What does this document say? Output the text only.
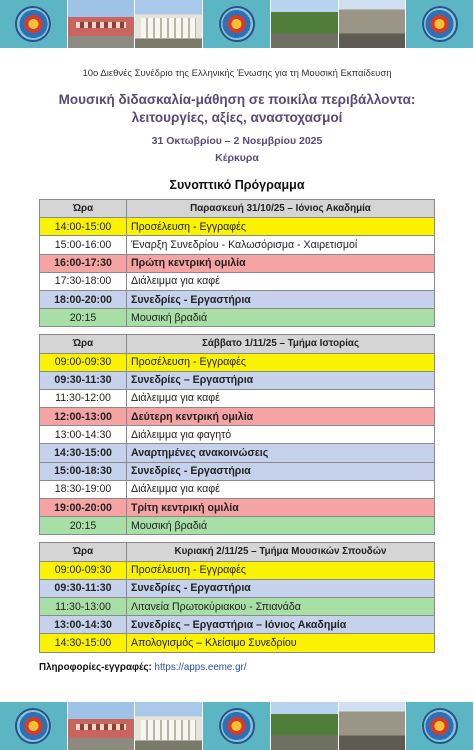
10ο Διεθνές Συνέδριο της Ελληνικής Ένωσης για τη Μουσική Εκπαίδευση
Μουσική διδασκαλία-μάθηση σε ποικίλα περιβάλλοντα:
λειτουργίες, αξίες, αναστοχασμοί
31 Οκτωβρίου – 2 Νοεμβρίου 2025
Κέρκυρα
Συνοπτικό Πρόγραμμα
Ώρα	Παρασκευή 31/10/25 – Ιόνιος Ακαδημία
14:00-15:00	Προσέλευση - Εγγραφές
15:00-16:00	Έναρξη Συνεδρίου - Καλωσόρισμα - Χαιρετισμοί
16:00-17:30	Πρώτη κεντρική ομιλία
17:30-18:00	Διάλειμμα για καφέ
18:00-20:00	Συνεδρίες - Εργαστήρια
20:15	Μουσική βραδιά

Ώρα	Σάββατο 1/11/25 – Τμήμα Ιστορίας
09:00-09:30	Προσέλευση - Εγγραφές
09:30-11:30	Συνεδρίες – Εργαστήρια
11:30-12:00	Διάλειμμα για καφέ
12:00-13:00	Δεύτερη κεντρική ομιλία
13:00-14:30	Διάλειμμα για φαγητό
14:30-15:00	Αναρτημένες ανακοινώσεις
15:00-18:30	Συνεδρίες - Εργαστήρια
18:30-19:00	Διάλειμμα για καφέ
19:00-20:00	Τρίτη κεντρική ομιλία
20:15	Μουσική βραδιά

Ώρα	Κυριακή 2/11/25 – Τμήμα Μουσικών Σπουδών
09:00-09:30	Προσέλευση - Εγγραφές
09:30-11:30	Συνεδρίες - Εργαστήρια
11:30-13:00	Λιτανεία Πρωτοκύριακου - Σπιανάδα
13:00-14:30	Συνεδρίες – Εργαστήρια – Ιόνιος Ακαδημία
14:30-15:00	Απολογισμός – Κλείσιμο Συνεδρίου
Πληροφορίες-εγγραφές: https://apps.eeme.gr/
